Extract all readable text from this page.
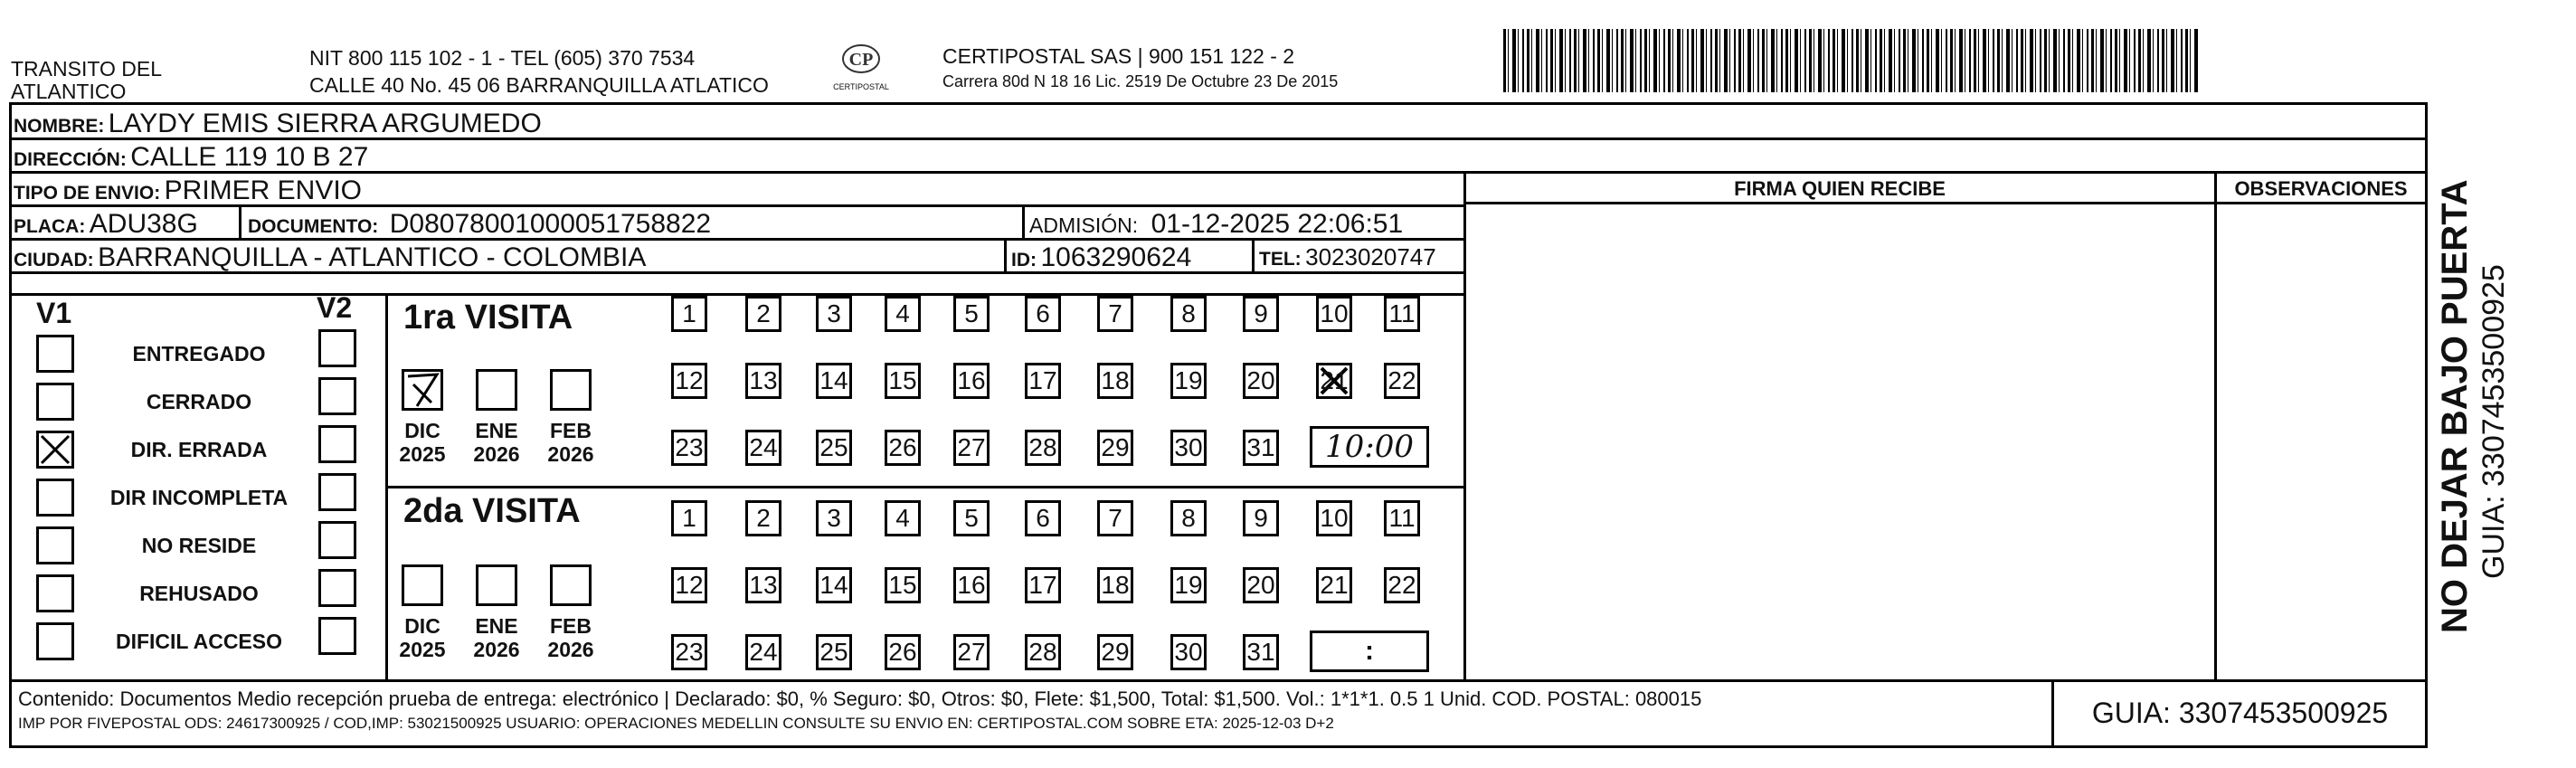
TRANSITO DEL
ATLANTICO
NIT 800 115 102 - 1 - TEL (605) 370 7534
CALLE 40 No. 45 06 BARRANQUILLA ATLATICO
CP
CERTIPOSTAL
CERTIPOSTAL SAS | 900 151 122 - 2
Carrera 80d N 18 16 Lic. 2519 De Octubre 23 De 2015
NOMBRE: LAYDY EMIS SIERRA ARGUMEDO
DIRECCIÓN: CALLE 119 10 B 27
TIPO DE ENVIO: PRIMER ENVIO
PLACA: ADU38G	DOCUMENTO: D08078001000051758822	ADMISIÓN: 01-12-2025 22:06:51
CIUDAD: BARRANQUILLA - ATLANTICO - COLOMBIA	ID: 1063290624	TEL: 3023020747
FIRMA QUIEN RECIBE	OBSERVACIONES
V1	V2
ENTREGADO
CERRADO
DIR. ERRADA
DIR INCOMPLETA
NO RESIDE
REHUSADO
DIFICIL ACCESO
1ra VISITA
2da VISITA
DIC
2025
ENE
2026
FEB
2026
DIC
2025
ENE
2026
FEB
2026
1	2	3	4	5	6	7	8	9	10 11
12 13 14 15 16 17 18 19 20 21 22
23 24 25 26 27 28 29 30 31	10:00
1	2	3	4	5	6	7	8	9	10 11
12 13 14 15 16 17 18 19 20 21 22
23 24 25 26 27 28 29 30 31	:
Contenido: Documentos Medio recepción prueba de entrega: electrónico | Declarado: $0, % Seguro: $0, Otros: $0, Flete: $1,500, Total: $1,500. Vol.: 1*1*1. 0.5 1 Unid. COD. POSTAL: 080015
IMP POR FIVEPOSTAL ODS: 24617300925 / COD,IMP: 53021500925 USUARIO: OPERACIONES MEDELLIN CONSULTE SU ENVIO EN: CERTIPOSTAL.COM SOBRE ETA: 2025-12-03 D+2	GUIA: 3307453500925
NO DEJAR BAJO PUERTA GUIA: 3307453500925
